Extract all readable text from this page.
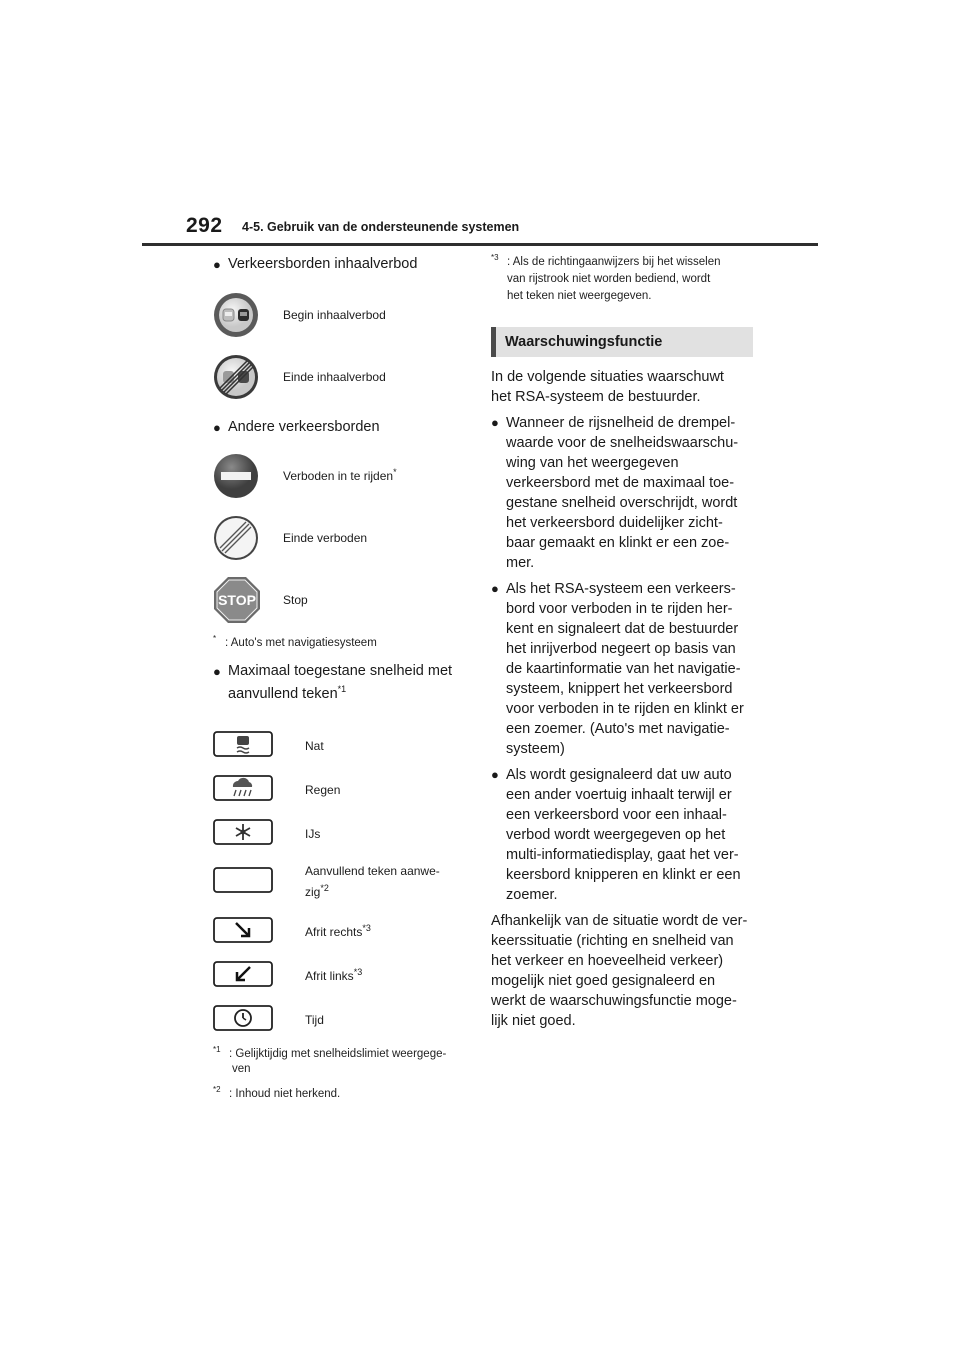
292 4-5. Gebruik van de ondersteunende systemen
● Verkeersborden inhaalverbod
Begin inhaalverbod
Einde inhaalverbod
● Andere verkeersborden
Verboden in te rijden*
Einde verboden
STOP Stop
* : Auto's met navigatiesysteem
● Maximaal toegestane snelheid met
aanvullend teken$^{*1}$
Nat
Regen
IJs
Aanvullend teken aanwe-
zig$^{*2}$
Afrit rechts$^{*3}$
Afrit links$^{*3}$
Tijd
$^{*1}$ : Gelijktijdig met snelheidslimiet weergege-
ven
$^{*2}$ : Inhoud niet herkend.
$^{*3}$ : Als de richtingaanwijzers bij het wisselen
van rijstrook niet worden bediend, wordt
het teken niet weergegeven.
Waarschuwingsfunctie
In de volgende situaties waarschuwt
het RSA-systeem de bestuurder.
● Wanneer de rijsnelheid de drempel-
waarde voor de snelheidswaarschu-
wing van het weergegeven
verkeersbord met de maximaal toe-
gestane snelheid overschrijdt, wordt
het verkeersbord duidelijker zicht-
baar gemaakt en klinkt er een zoe-
mer.
● Als het RSA-systeem een verkeers-
bord voor verboden in te rijden her-
kent en signaleert dat de bestuurder
het inrijverbod negeert op basis van
de kaartinformatie van het navigatie-
systeem, knippert het verkeersbord
voor verboden in te rijden en klinkt er
een zoemer. (Auto's met navigatie-
systeem)
● Als wordt gesignaleerd dat uw auto
een ander voertuig inhaalt terwijl er
een verkeersbord voor een inhaal-
verbod wordt weergegeven op het
multi-informatiedisplay, gaat het ver-
keersbord knipperen en klinkt er een
zoemer.
Afhankelijk van de situatie wordt de ver-
keerssituatie (richting en snelheid van
het verkeer en hoeveelheid verkeer)
mogelijk niet goed gesignaleerd en
werkt de waarschuwingsfunctie moge-
lijk niet goed.
